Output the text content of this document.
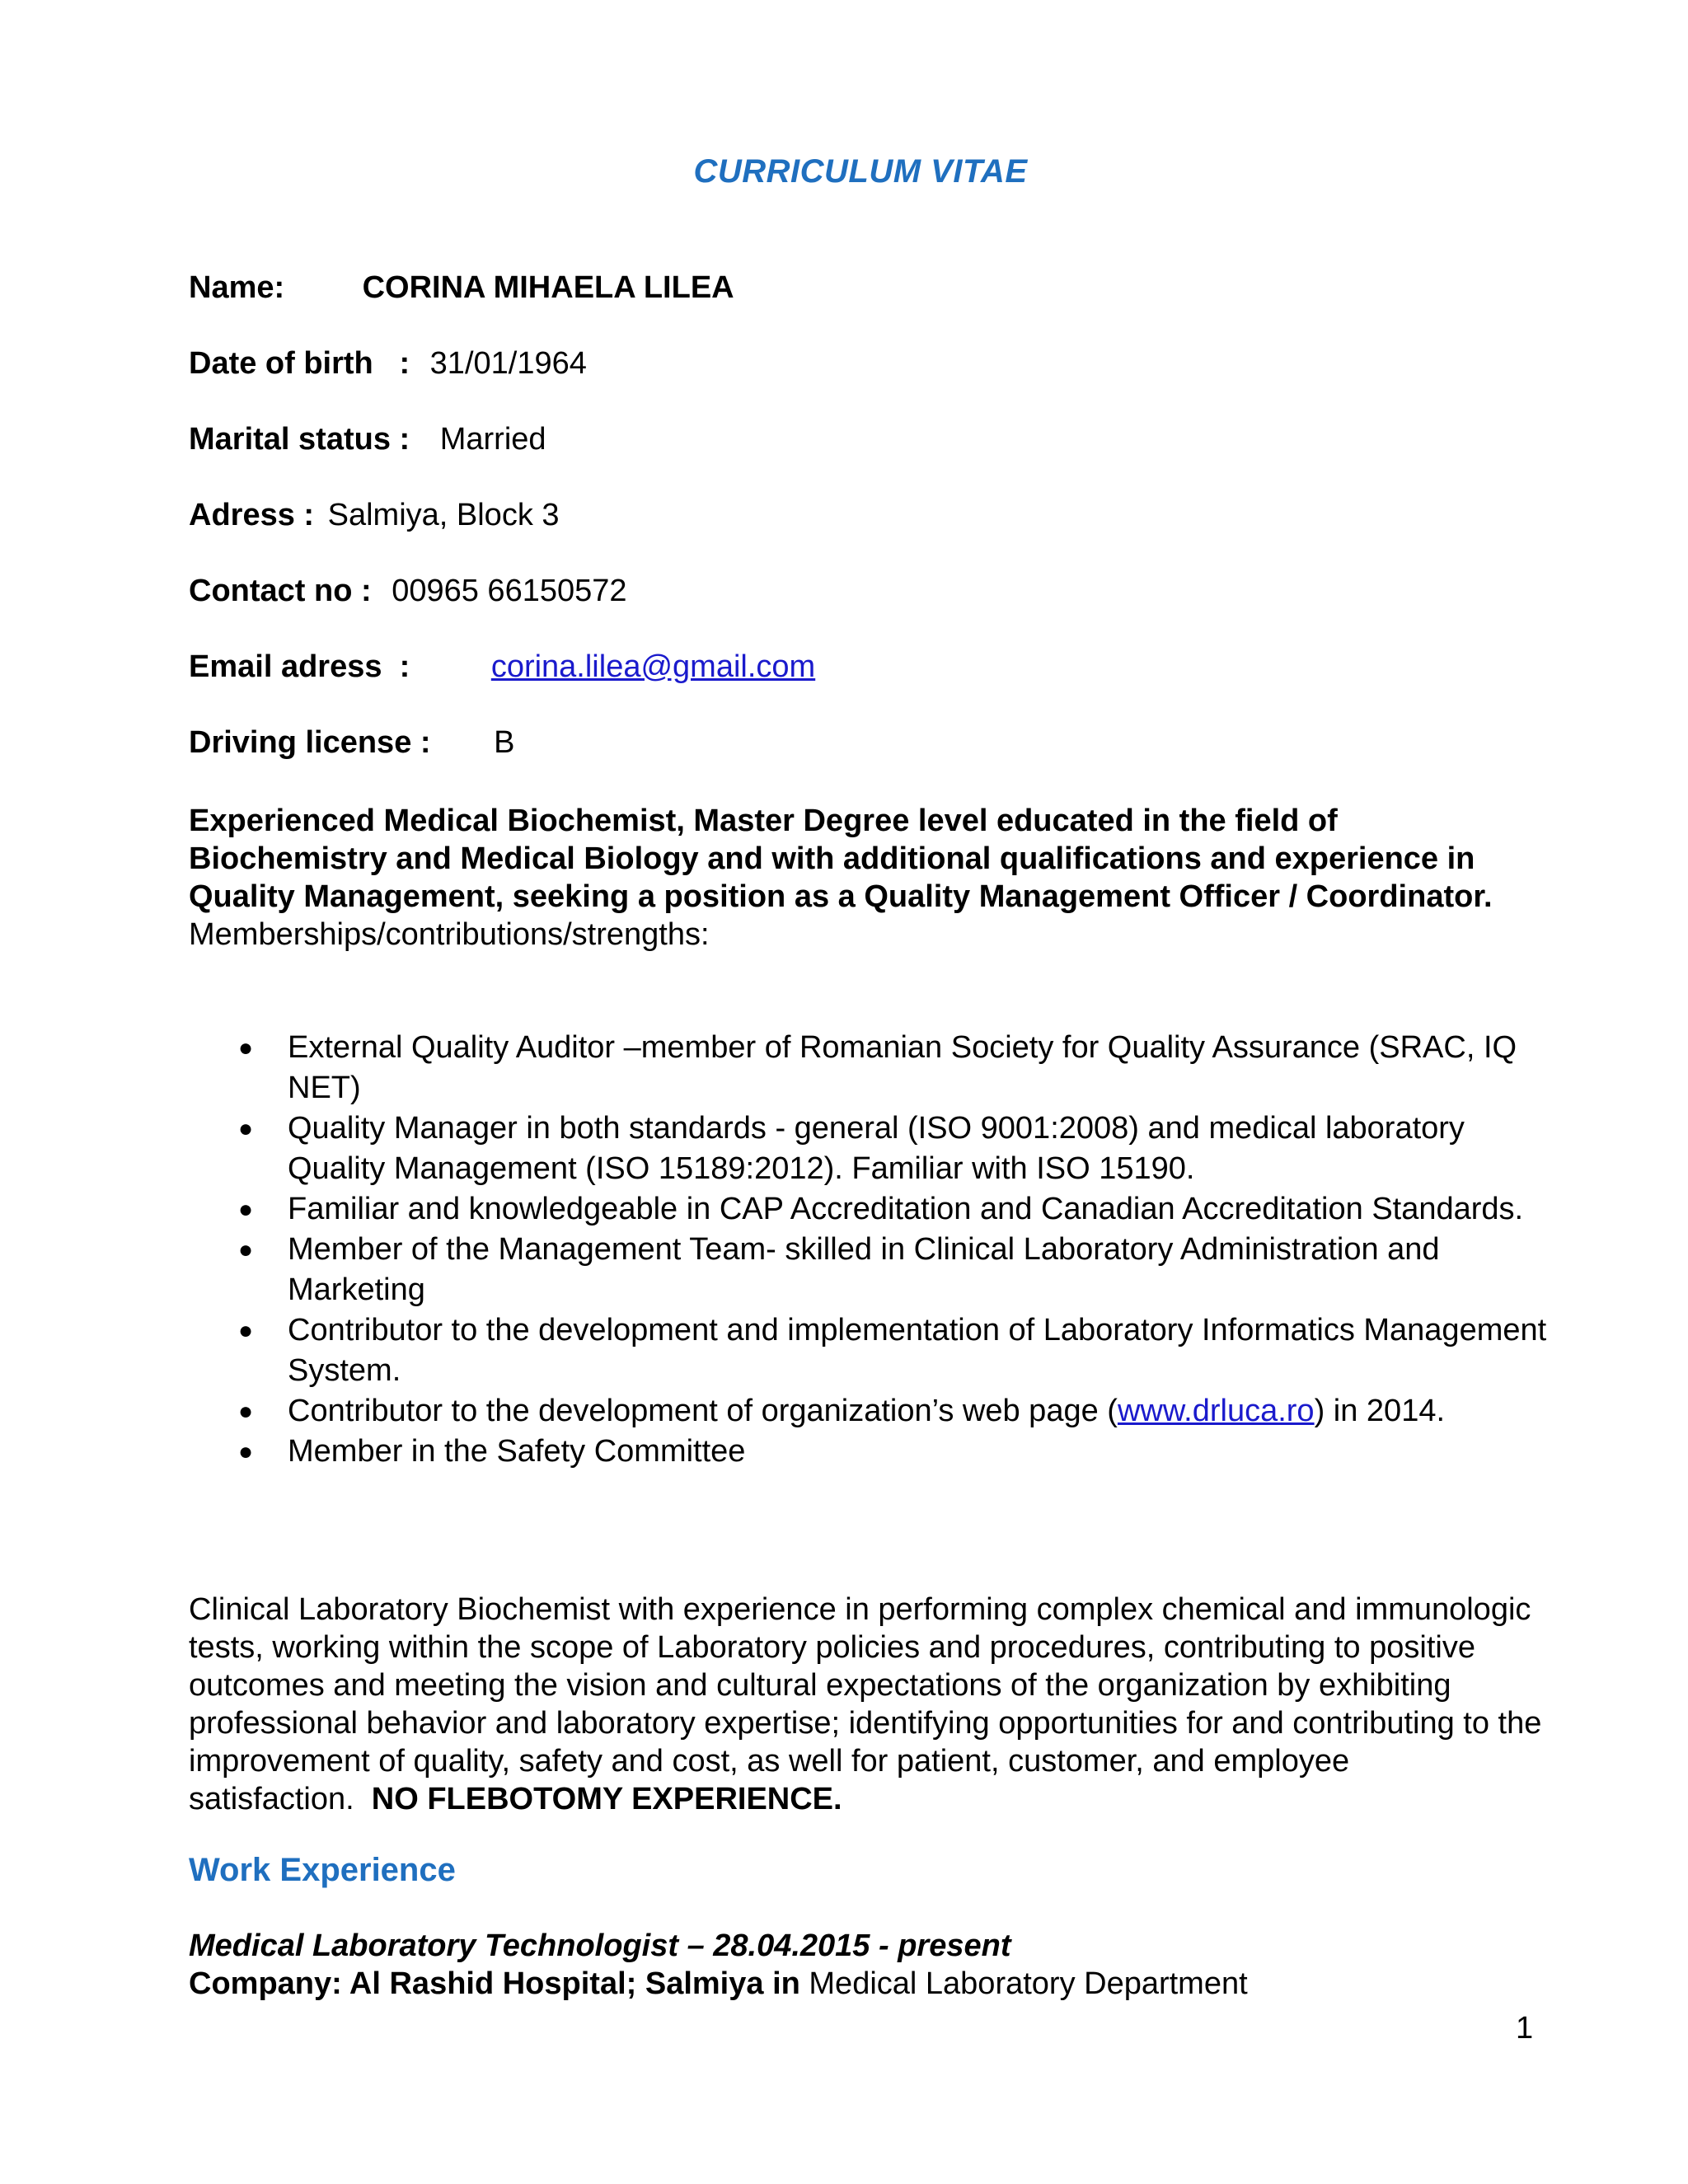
CURRICULUM VITAE
Name: CORINA MIHAELA LILEA
Date of birth   : 31/01/1964
Marital status : Married
Adress : Salmiya, Block 3
Contact no : 00965 66150572
Email adress  :	corina.lilea@gmail.com
Driving license : B
Experienced Medical Biochemist, Master Degree level educated in the field of Biochemistry and Medical Biology and with additional qualifications and experience in Quality Management, seeking a position as a Quality Management Officer / Coordinator.
Memberships/contributions/strengths:
● External Quality Auditor –member of Romanian Society for Quality Assurance (SRAC, IQ NET)
● Quality Manager in both standards - general (ISO 9001:2008) and medical laboratory Quality Management (ISO 15189:2012). Familiar with ISO 15190.
● Familiar and knowledgeable in CAP Accreditation and Canadian Accreditation Standards.
● Member of the Management Team- skilled in Clinical Laboratory Administration and Marketing
● Contributor to the development and implementation of Laboratory Informatics Management System.
● Contributor to the development of organization’s web page (www.drluca.ro) in 2014.
● Member in the Safety Committee
Clinical Laboratory Biochemist with experience in performing complex chemical and immunologic tests, working within the scope of Laboratory policies and procedures, contributing to positive outcomes and meeting the vision and cultural expectations of the organization by exhibiting professional behavior and laboratory expertise; identifying opportunities for and contributing to the improvement of quality, safety and cost, as well for patient, customer, and employee satisfaction. NO FLEBOTOMY EXPERIENCE.
Work Experience
Medical Laboratory Technologist – 28.04.2015 - present
Company: Al Rashid Hospital; Salmiya in Medical Laboratory Department
1
